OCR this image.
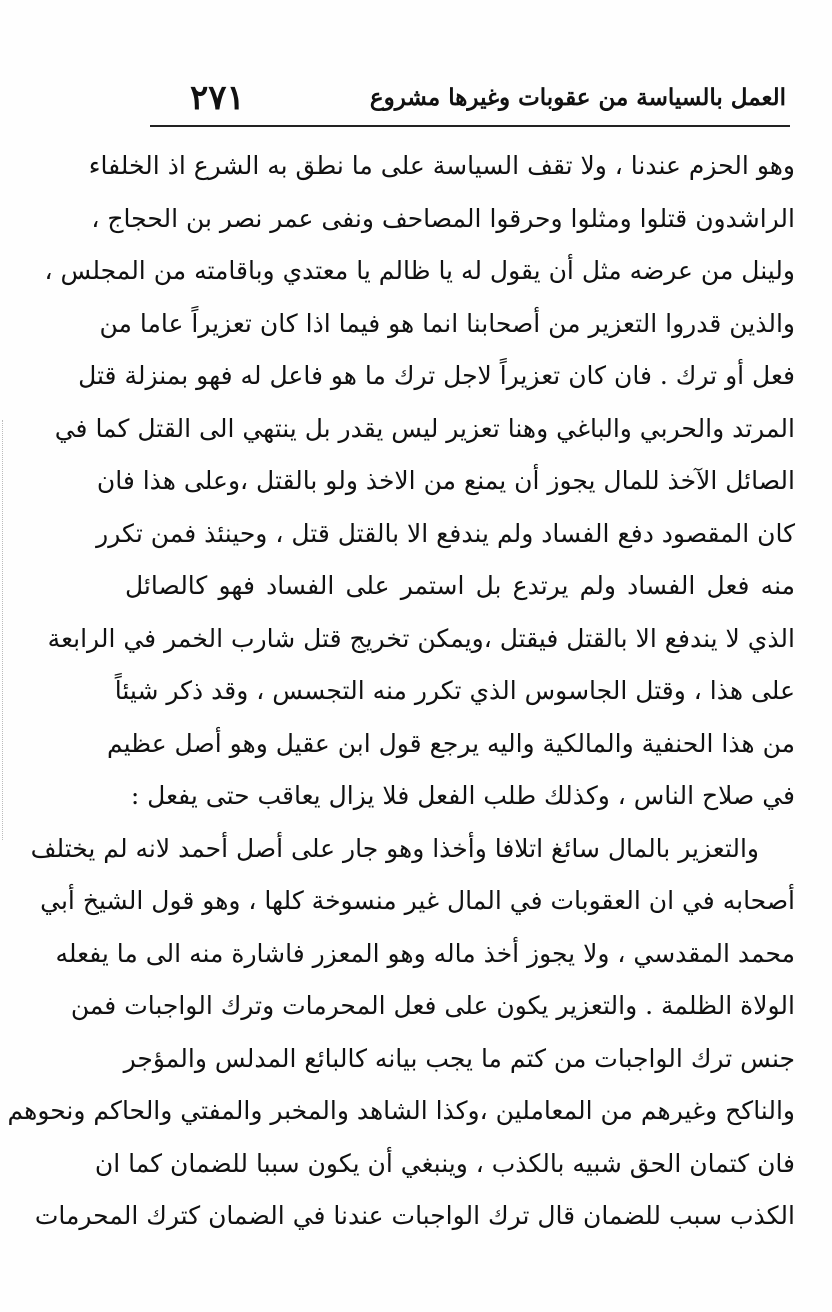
العمل بالسياسة من عقوبات وغيرها مشروع
٢٧١
وهو الحزم عندنا ، ولا تقف السياسة على ما نطق به الشرع اذ الخلفاء
الراشدون قتلوا ومثلوا وحرقوا المصاحف ونفى عمر نصر بن الحجاج ،
ولينل من عرضه مثل أن يقول له يا ظالم يا معتدي وباقامته من المجلس ،
والذين قدروا التعزير من أصحابنا انما هو فيما اذا كان تعزيراً عاما من
فعل أو ترك . فان كان تعزيراً لاجل ترك ما هو فاعل له فهو بمنزلة قتل
المرتد والحربي والباغي وهنا تعزير ليس يقدر بل ينتهي الى القتل كما في
الصائل الآخذ للمال يجوز أن يمنع من الاخذ ولو بالقتل ،وعلى هذا فان
كان المقصود دفع الفساد ولم يندفع الا بالقتل قتل ، وحينئذ فمن تكرر
منه فعل الفساد ولم يرتدع بل استمر على الفساد فهو كالصائل
الذي لا يندفع الا بالقتل فيقتل ،ويمكن تخريج قتل شارب الخمر في الرابعة
على هذا ، وقتل الجاسوس الذي تكرر منه التجسس ، وقد ذكر شيئاً
من هذا الحنفية والمالكية واليه يرجع قول ابن عقيل وهو أصل عظيم
في صلاح الناس ، وكذلك طلب الفعل فلا يزال يعاقب حتى يفعل :
والتعزير بالمال سائغ اتلافا وأخذا وهو جار على أصل أحمد لانه لم يختلف
أصحابه في ان العقوبات في المال غير منسوخة كلها ، وهو قول الشيخ أبي
محمد المقدسي ، ولا يجوز أخذ ماله وهو المعزر فاشارة منه الى ما يفعله
الولاة الظلمة . والتعزير يكون على فعل المحرمات وترك الواجبات فمن
جنس ترك الواجبات من كتم ما يجب بيانه كالبائع المدلس والمؤجر
والناكح وغيرهم من المعاملين ،وكذا الشاهد والمخبر والمفتي والحاكم ونحوهم
فان كتمان الحق شبيه بالكذب ، وينبغي أن يكون سببا للضمان كما ان
الكذب سبب للضمان قال ترك الواجبات عندنا في الضمان كترك المحرمات
